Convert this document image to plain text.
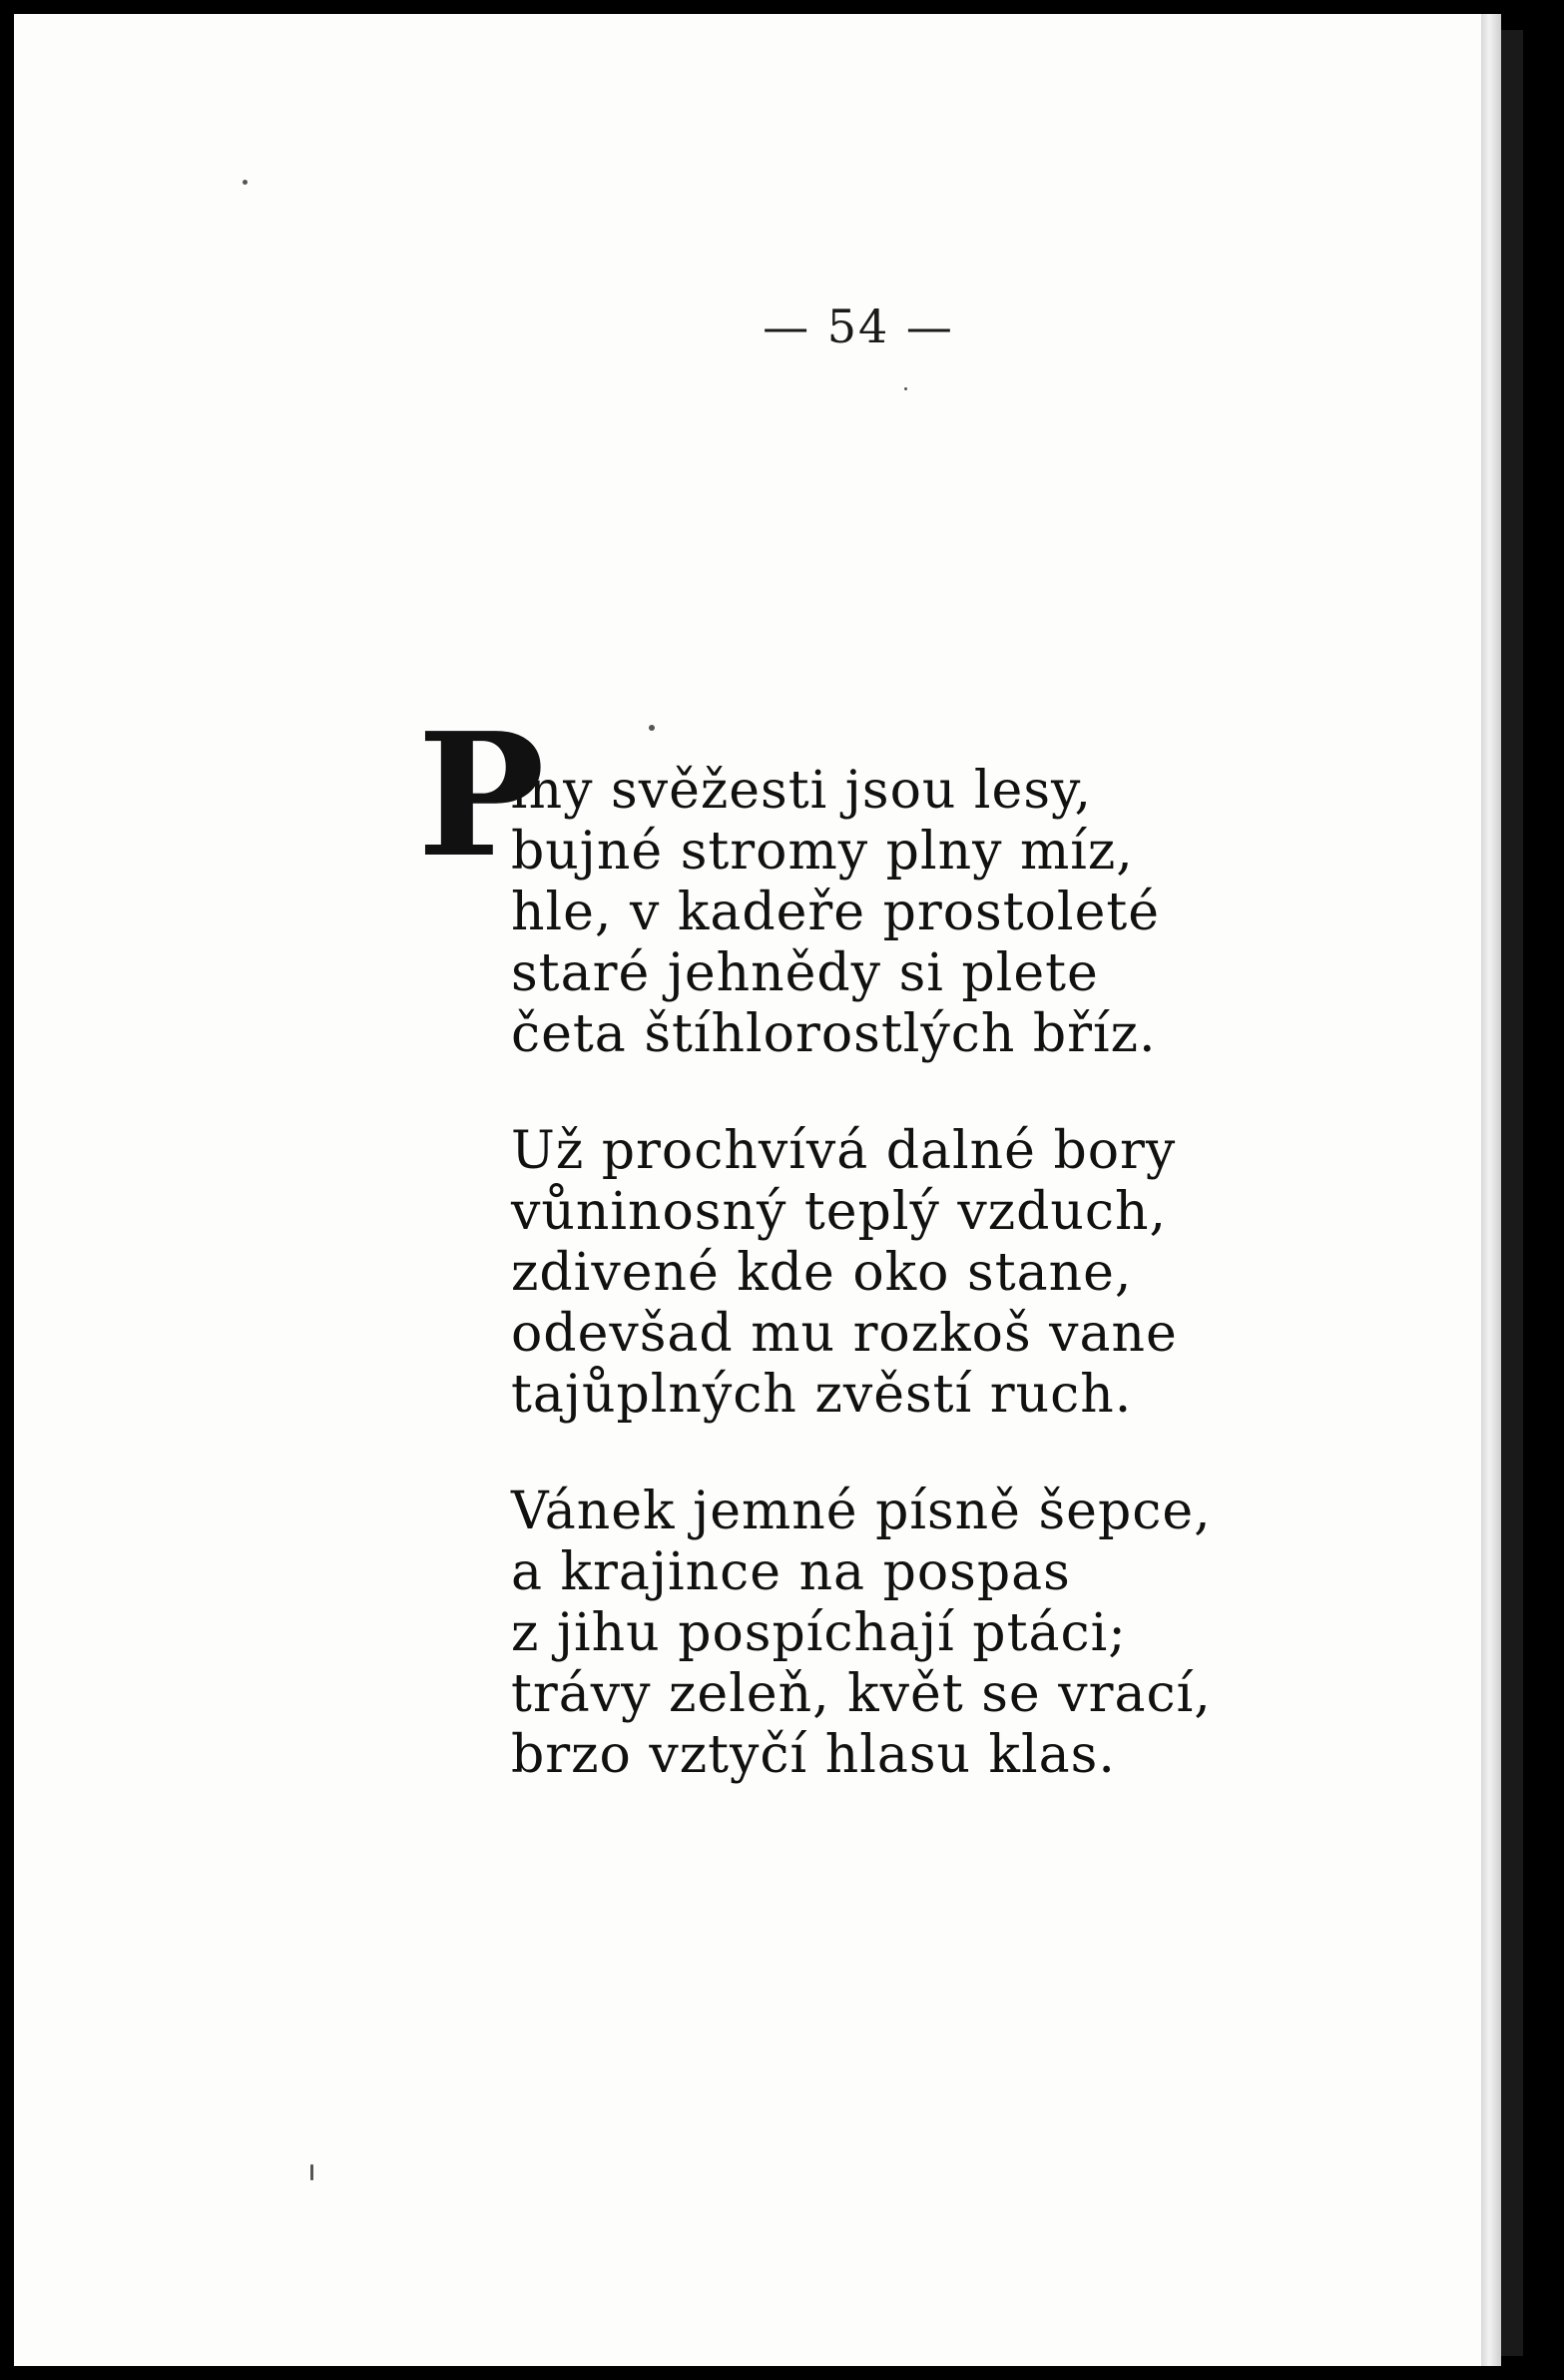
— 54 —
P
lny svěžesti jsou lesy,
bujné stromy plny míz,
hle, v kadeře prostoleté
staré jehnědy si plete
četa štíhlorostlých bříz.
Už prochvívá dalné bory
vůninosný teplý vzduch,
zdivené kde oko stane,
odevšad mu rozkoš vane
tajůplných zvěstí ruch.
Vánek jemné písně šepce,
a krajince na pospas
z jihu pospíchají ptáci;
trávy zeleň, květ se vrací,
brzo vztyčí hlasu klas.
